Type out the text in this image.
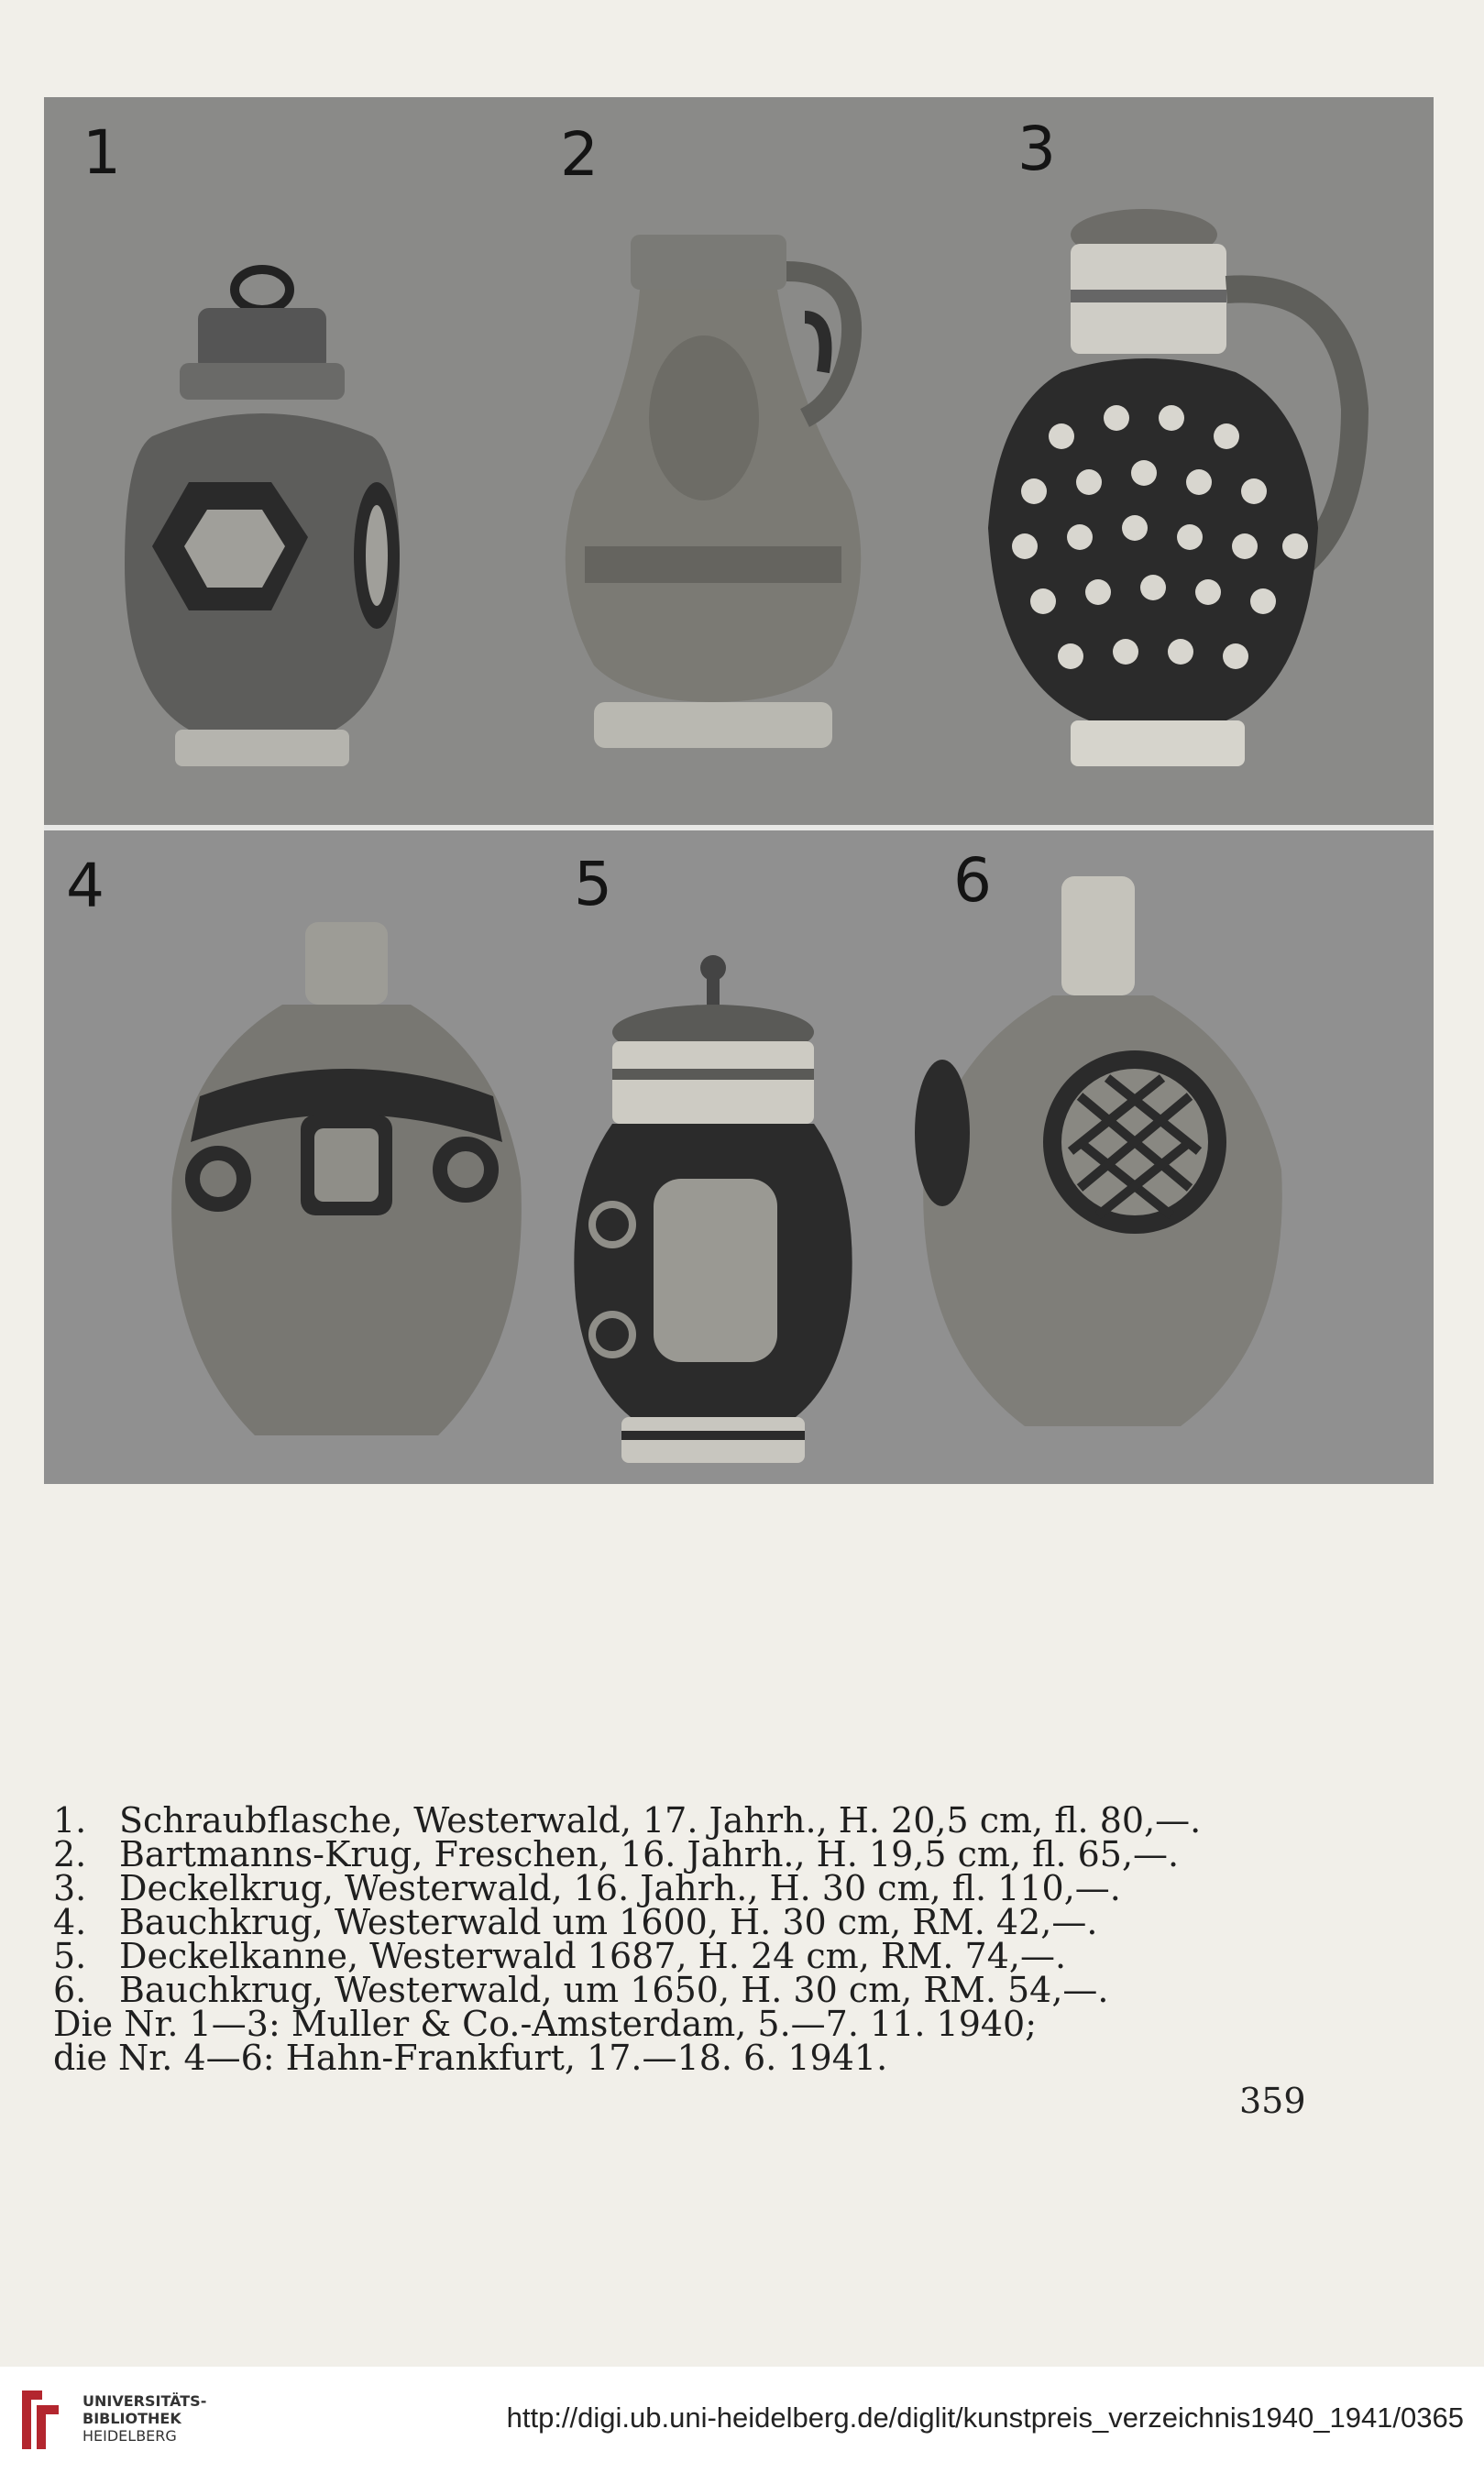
1	2	3
4	5	6
1. Schraubflasche, Westerwald, 17. Jahrh., H. 20,5 cm, fl. 80,—.
2. Bartmanns-Krug, Freschen, 16. Jahrh., H. 19,5 cm, fl. 65,—.
3. Deckelkrug, Westerwald, 16. Jahrh., H. 30 cm, fl. 110,—.
4. Bauchkrug, Westerwald um 1600, H. 30 cm, RM. 42,—.
5. Deckelkanne, Westerwald 1687, H. 24 cm, RM. 74,—.
6. Bauchkrug, Westerwald, um 1650, H. 30 cm, RM. 54,—.
Die Nr. 1—3: Muller & Co.-Amsterdam, 5.—7. 11. 1940;
die Nr. 4—6: Hahn-Frankfurt, 17.—18. 6. 1941.
359
UNIVERSITÄTS-
BIBLIOTHEK
HEIDELBERG
http://digi.ub.uni-heidelberg.de/diglit/kunstpreis_verzeichnis1940_1941/0365
